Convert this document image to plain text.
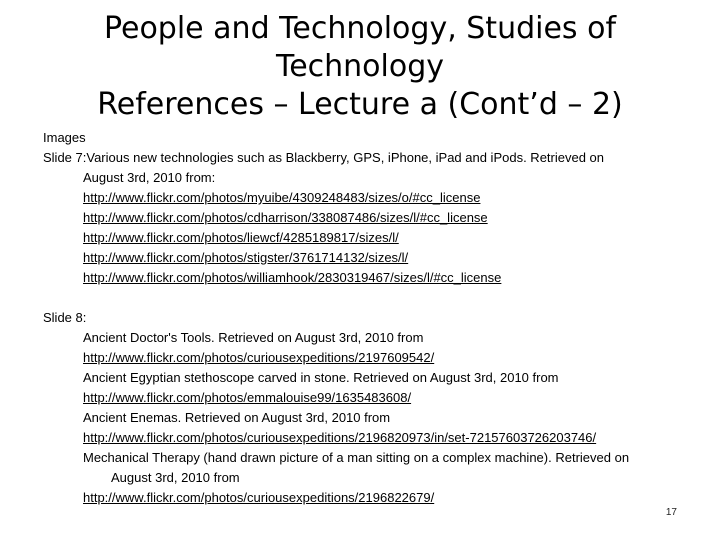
People and Technology, Studies of
Technology
References – Lecture a (Cont’d – 2)

Images

Slide 7:Various new technologies such as Blackberry, GPS, iPhone, iPad and iPods. Retrieved on

August 3rd, 2010 from:

http://www.flickr.com/photos/myuibe/4309248483/sizes/o/#cc_license
http://www.flickr.com/photos/cdharrison/338087486/sizes/l/#cc_license
http://www.flickr.com/photos/liewcf/4285189817/sizes/l/
http://www.flickr.com/photos/stigster/3761714132/sizes/l/
http://www.flickr.com/photos/williamhook/2830319467/sizes/l/#cc_license

Slide 8:

Ancient Doctor's Tools. Retrieved on August 3rd, 2010 from

http://www.flickr.com/photos/curiousexpeditions/2197609542/

Ancient Egyptian stethoscope carved in stone. Retrieved on August 3rd, 2010 from

http://www.flickr.com/photos/emmalouise99/1635483608/

Ancient Enemas. Retrieved on August 3rd, 2010 from

http://www.flickr.com/photos/curiousexpeditions/2196820973/in/set-72157603726203746/

Mechanical Therapy (hand drawn picture of a man sitting on a complex machine). Retrieved on

August 3rd, 2010 from

http://www.flickr.com/photos/curiousexpeditions/2196822679/
17
